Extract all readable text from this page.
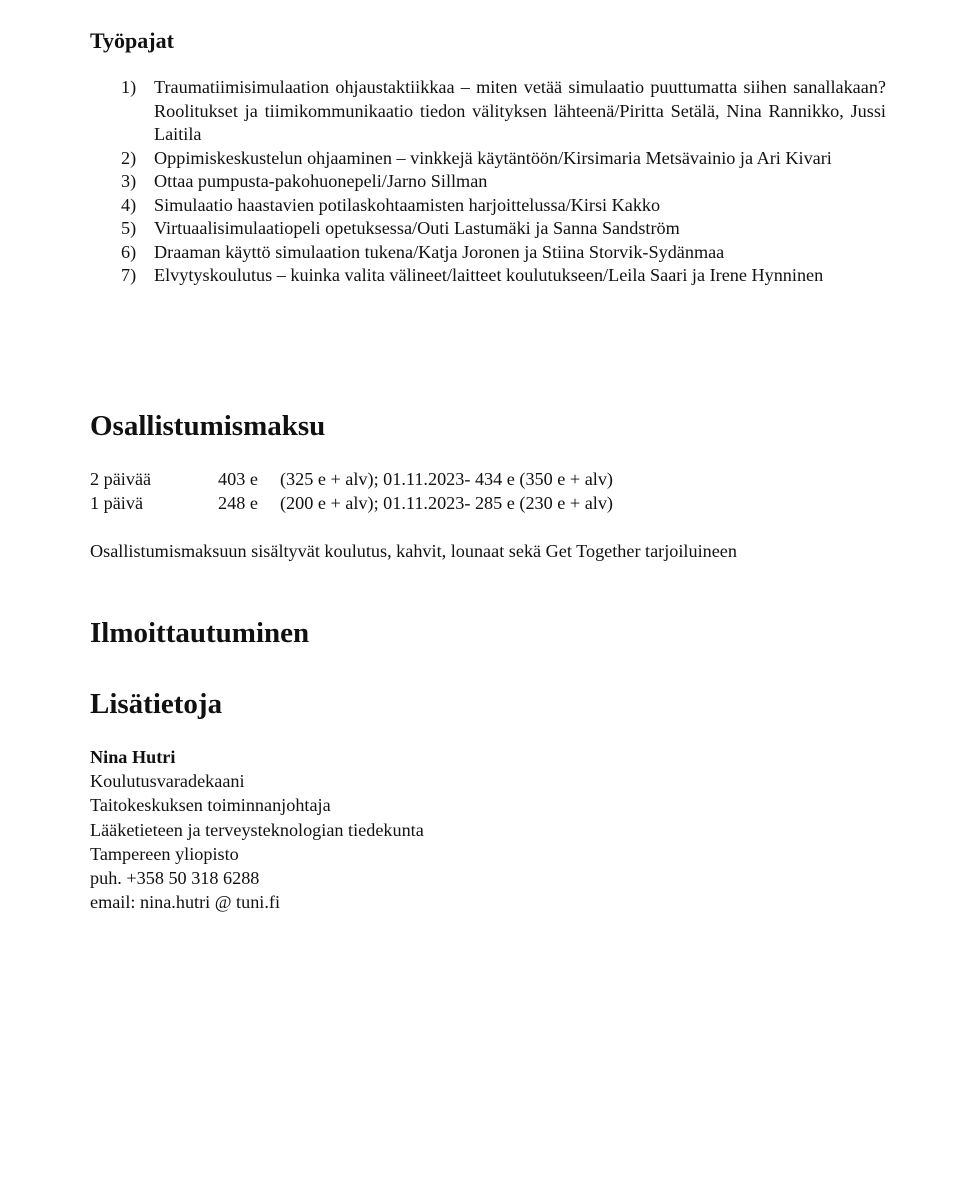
Työpajat
1) Traumatiimisimulaation ohjaustaktiikkaa – miten vetää simulaatio puuttumatta siihen sanallakaan? Roolitukset ja tiimikommunikaatio tiedon välityksen lähteenä/Piritta Setälä, Nina Rannikko, Jussi Laitila
2) Oppimiskeskustelun ohjaaminen – vinkkejä käytäntöön/Kirsimaria Metsävainio ja Ari Kivari
3) Ottaa pumpusta-pakohuonepeli/Jarno Sillman
4) Simulaatio haastavien potilaskohtaamisten harjoittelussa/Kirsi Kakko
5) Virtuaalisimulaatiopeli opetuksessa/Outi Lastumäki ja Sanna Sandström
6) Draaman käyttö simulaation tukena/Katja Joronen ja Stiina Storvik-Sydänmaa
7) Elvytyskoulutus – kuinka valita välineet/laitteet koulutukseen/Leila Saari ja Irene Hynninen
Osallistumismaksu
2 päivää	403 e (325 e + alv); 01.11.2023- 434 e (350 e + alv)
1 päivä	248 e (200 e + alv); 01.11.2023- 285 e (230 e + alv)
Osallistumismaksuun sisältyvät koulutus, kahvit, lounaat sekä Get Together tarjoiluineen
Ilmoittautuminen
Lisätietoja
Nina Hutri
Koulutusvaradekaani
Taitokeskuksen toiminnanjohtaja
Lääketieteen ja terveysteknologian tiedekunta
Tampereen yliopisto
puh. +358 50 318 6288
email: nina.hutri @ tuni.fi
